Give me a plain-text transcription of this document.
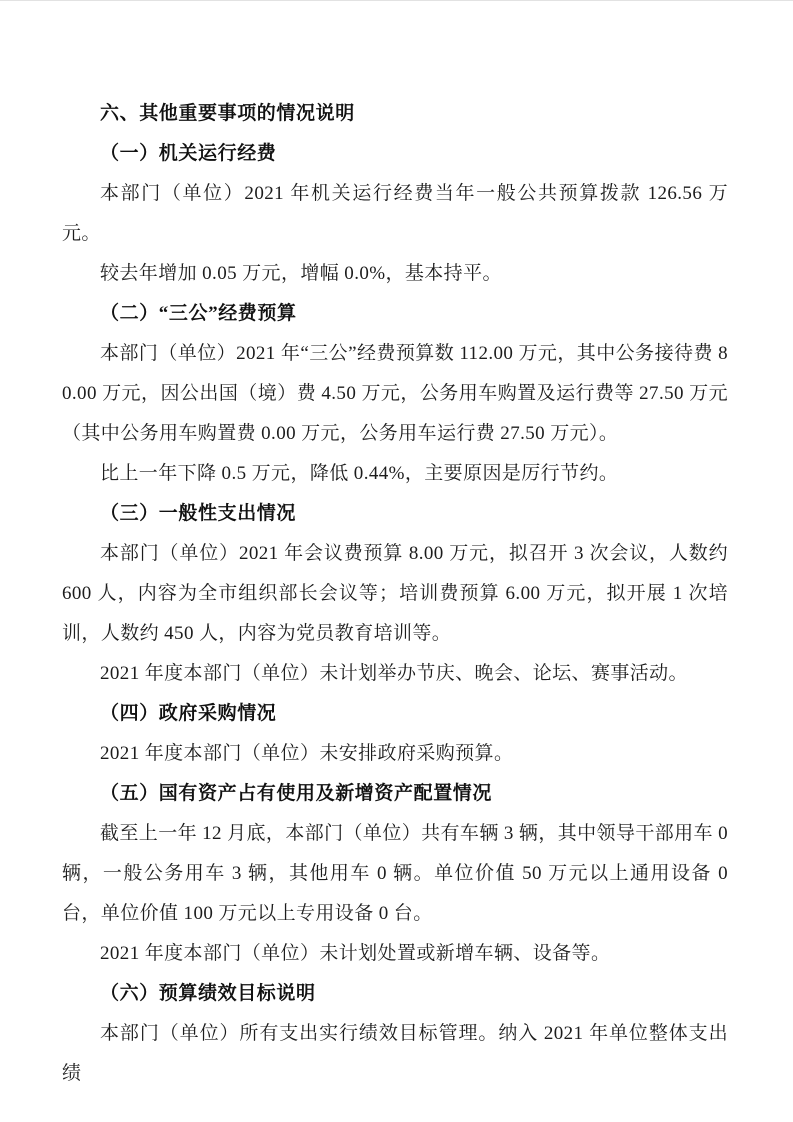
六、其他重要事项的情况说明
（一）机关运行经费

本部门（单位）2021 年机关运行经费当年一般公共预算拨款 126.56 万元。

较去年增加 0.05 万元，增幅 0.0%，基本持平。

（二）“三公”经费预算

本部门（单位）2021 年“三公”经费预算数 112.00 万元，其中公务接待费 80.00 万元，因公出国（境）费 4.50 万元，公务用车购置及运行费等 27.50 万元（其中公务用车购置费 0.00 万元，公务用车运行费 27.50 万元）。

比上一年下降 0.5 万元，降低 0.44%，主要原因是厉行节约。

（三）一般性支出情况

本部门（单位）2021 年会议费预算 8.00 万元，拟召开 3 次会议，人数约 600 人，内容为全市组织部长会议等；培训费预算 6.00 万元，拟开展 1 次培训，人数约 450 人，内容为党员教育培训等。

2021 年度本部门（单位）未计划举办节庆、晚会、论坛、赛事活动。

（四）政府采购情况

2021 年度本部门（单位）未安排政府采购预算。

（五）国有资产占有使用及新增资产配置情况

截至上一年 12 月底，本部门（单位）共有车辆 3 辆，其中领导干部用车 0 辆，一般公务用车 3 辆，其他用车 0 辆。单位价值 50 万元以上通用设备 0 台，单位价值 100 万元以上专用设备 0 台。

2021 年度本部门（单位）未计划处置或新增车辆、设备等。

（六）预算绩效目标说明

本部门（单位）所有支出实行绩效目标管理。纳入 2021 年单位整体支出绩
